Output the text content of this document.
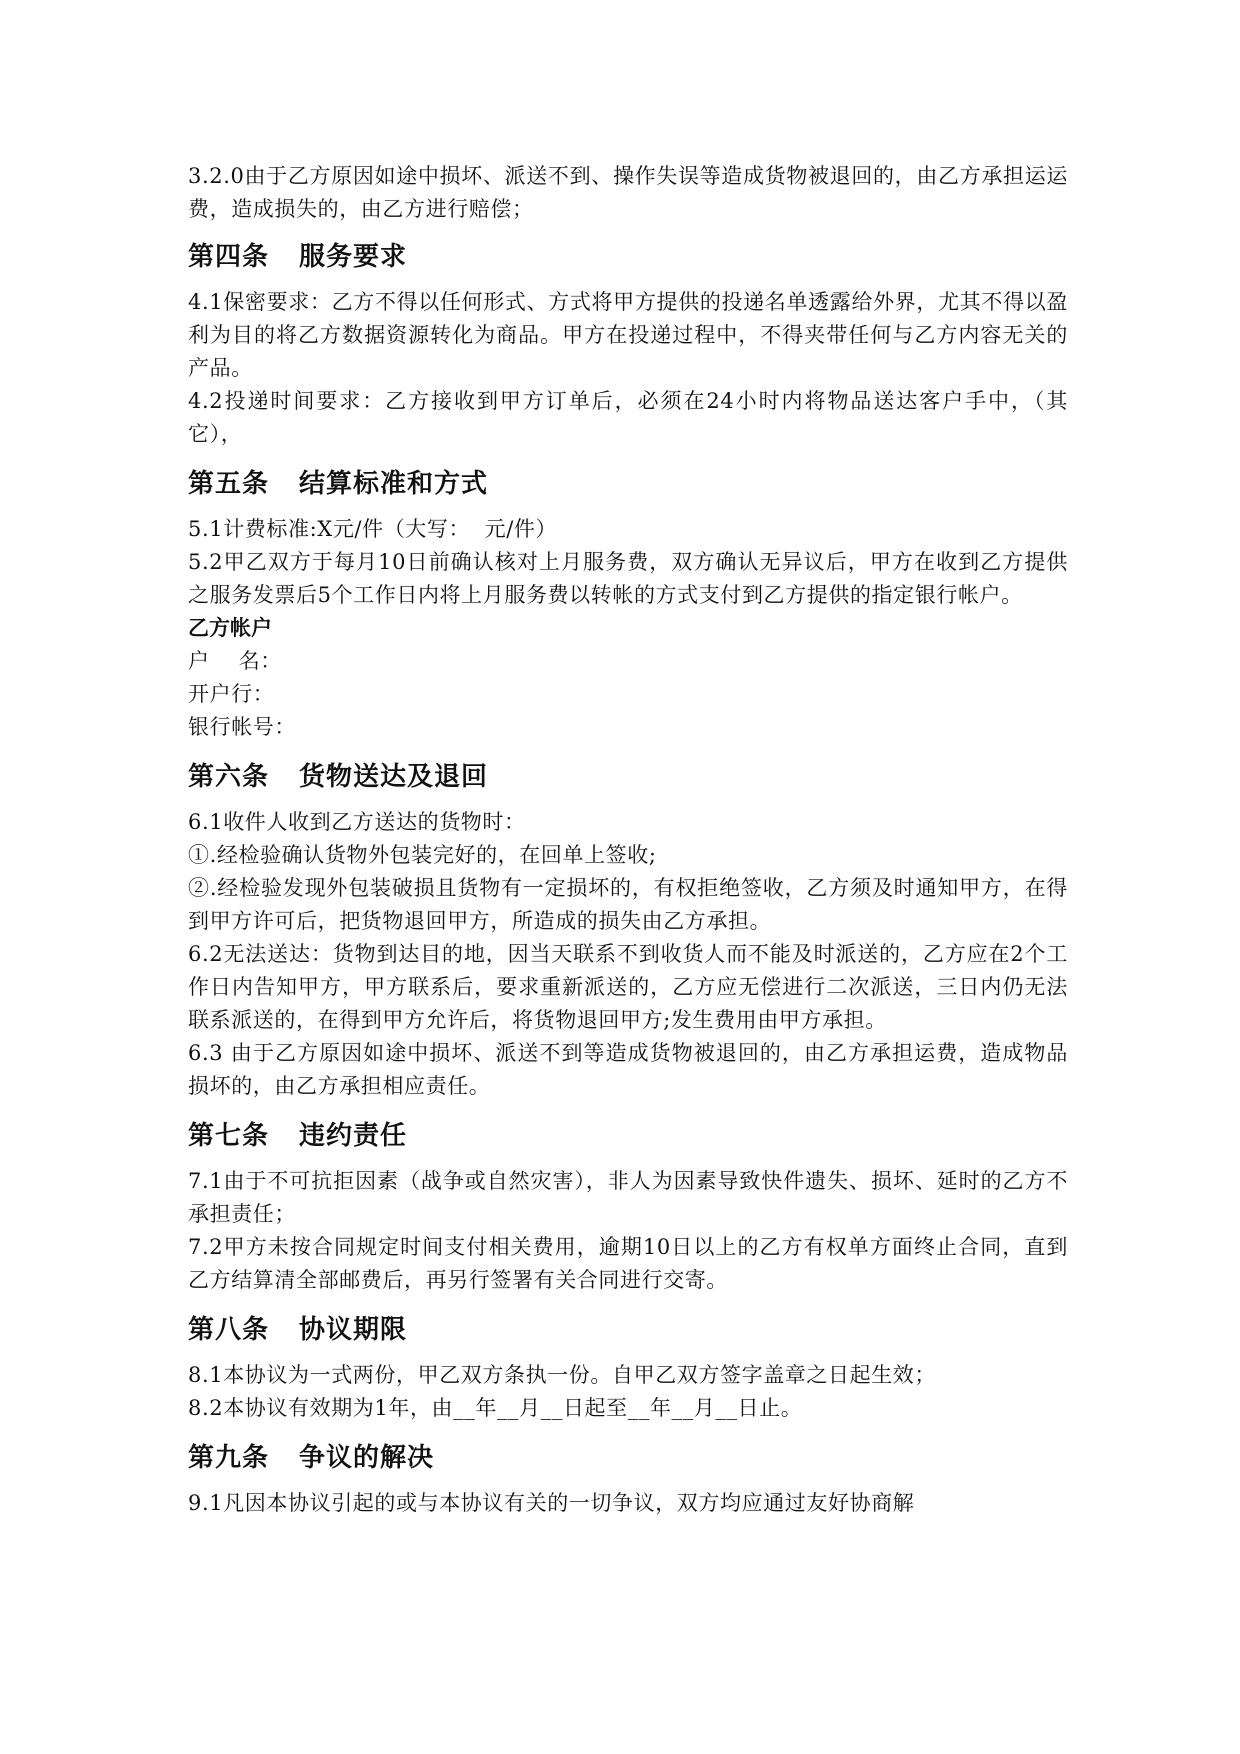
3.2.0由于乙方原因如途中损坏、派送不到、操作失误等造成货物被退回的，由乙方承担运运费，造成损失的，由乙方进行赔偿；

第四条 服务要求

4.1保密要求：乙方不得以任何形式、方式将甲方提供的投递名单透露给外界，尤其不得以盈利为目的将乙方数据资源转化为商品。甲方在投递过程中，不得夹带任何与乙方内容无关的产品。

4.2投递时间要求：乙方接收到甲方订单后，必须在24小时内将物品送达客户手中，（其它），

第五条 结算标准和方式

5.1计费标准:X元/件（大写：  元/件）

5.2甲乙双方于每月10日前确认核对上月服务费，双方确认无异议后，甲方在收到乙方提供之服务发票后5个工作日内将上月服务费以转帐的方式支付到乙方提供的指定银行帐户。

乙方帐户

户    名：

开户行：

银行帐号：

第六条 货物送达及退回

6.1收件人收到乙方送达的货物时：

①.经检验确认货物外包装完好的，在回单上签收;

②.经检验发现外包装破损且货物有一定损坏的，有权拒绝签收，乙方须及时通知甲方，在得到甲方许可后，把货物退回甲方，所造成的损失由乙方承担。

6.2无法送达：货物到达目的地，因当天联系不到收货人而不能及时派送的，乙方应在2个工作日内告知甲方，甲方联系后，要求重新派送的，乙方应无偿进行二次派送，三日内仍无法联系派送的，在得到甲方允许后，将货物退回甲方;发生费用由甲方承担。

6.3 由于乙方原因如途中损坏、派送不到等造成货物被退回的，由乙方承担运费，造成物品损坏的，由乙方承担相应责任。

第七条 违约责任

7.1由于不可抗拒因素（战争或自然灾害），非人为因素导致快件遗失、损坏、延时的乙方不承担责任；

7.2甲方未按合同规定时间支付相关费用，逾期10日以上的乙方有权单方面终止合同，直到乙方结算清全部邮费后，再另行签署有关合同进行交寄。

第八条 协议期限

8.1本协议为一式两份，甲乙双方条执一份。自甲乙双方签字盖章之日起生效；

8.2本协议有效期为1年，由__年__月__日起至__年__月__日止。

第九条 争议的解决

9.1凡因本协议引起的或与本协议有关的一切争议，双方均应通过友好协商解
